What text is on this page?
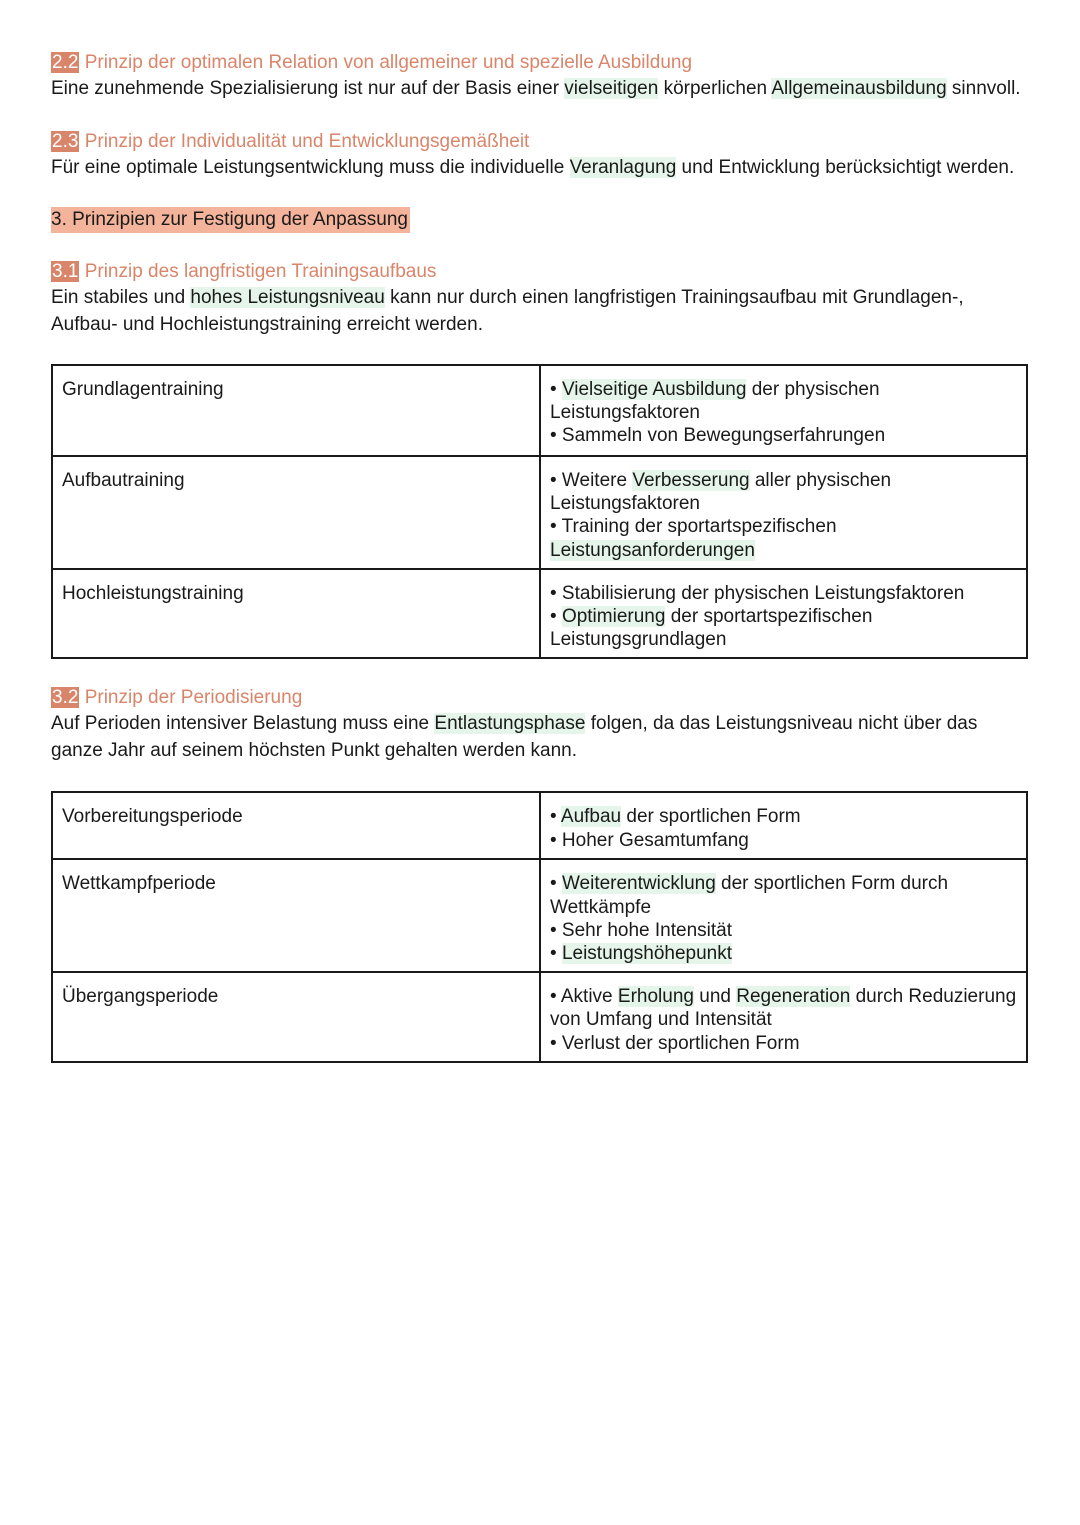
2.2 Prinzip der optimalen Relation von allgemeiner und spezielle Ausbildung

Eine zunehmende Spezialisierung ist nur auf der Basis einer vielseitigen körperlichen Allgemeinausbildung sinnvoll.

2.3 Prinzip der Individualität und Entwicklungsgemäßheit

Für eine optimale Leistungsentwicklung muss die individuelle Veranlagung und Entwicklung berücksichtigt werden.

3. Prinzipien zur Festigung der Anpassung
3.1 Prinzip des langfristigen Trainingsaufbaus

Ein stabiles und hohes Leistungsniveau kann nur durch einen langfristigen Trainingsaufbau mit Grundlagen-, Aufbau- und Hochleistungstraining erreicht werden.

Grundlagentraining	• Vielseitige Ausbildung der physischen Leistungsfaktoren
• Sammeln von Bewegungserfahrungen

Aufbautraining	• Weitere Verbesserung aller physischen Leistungsfaktoren
• Training der sportartspezifischen Leistungsanforderungen

Hochleistungstraining	• Stabilisierung der physischen Leistungsfaktoren
• Optimierung der sportartspezifischen Leistungsgrundlagen
3.2 Prinzip der Periodisierung

Auf Perioden intensiver Belastung muss eine Entlastungsphase folgen, da das Leistungsniveau nicht über das ganze Jahr auf seinem höchsten Punkt gehalten werden kann.

Vorbereitungsperiode	• Aufbau der sportlichen Form
• Hoher Gesamtumfang

Wettkampfperiode	• Weiterentwicklung der sportlichen Form durch Wettkämpfe
• Sehr hohe Intensität
• Leistungshöhepunkt

Übergangsperiode	• Aktive Erholung und Regeneration durch Reduzierung von Umfang und Intensität
• Verlust der sportlichen Form
